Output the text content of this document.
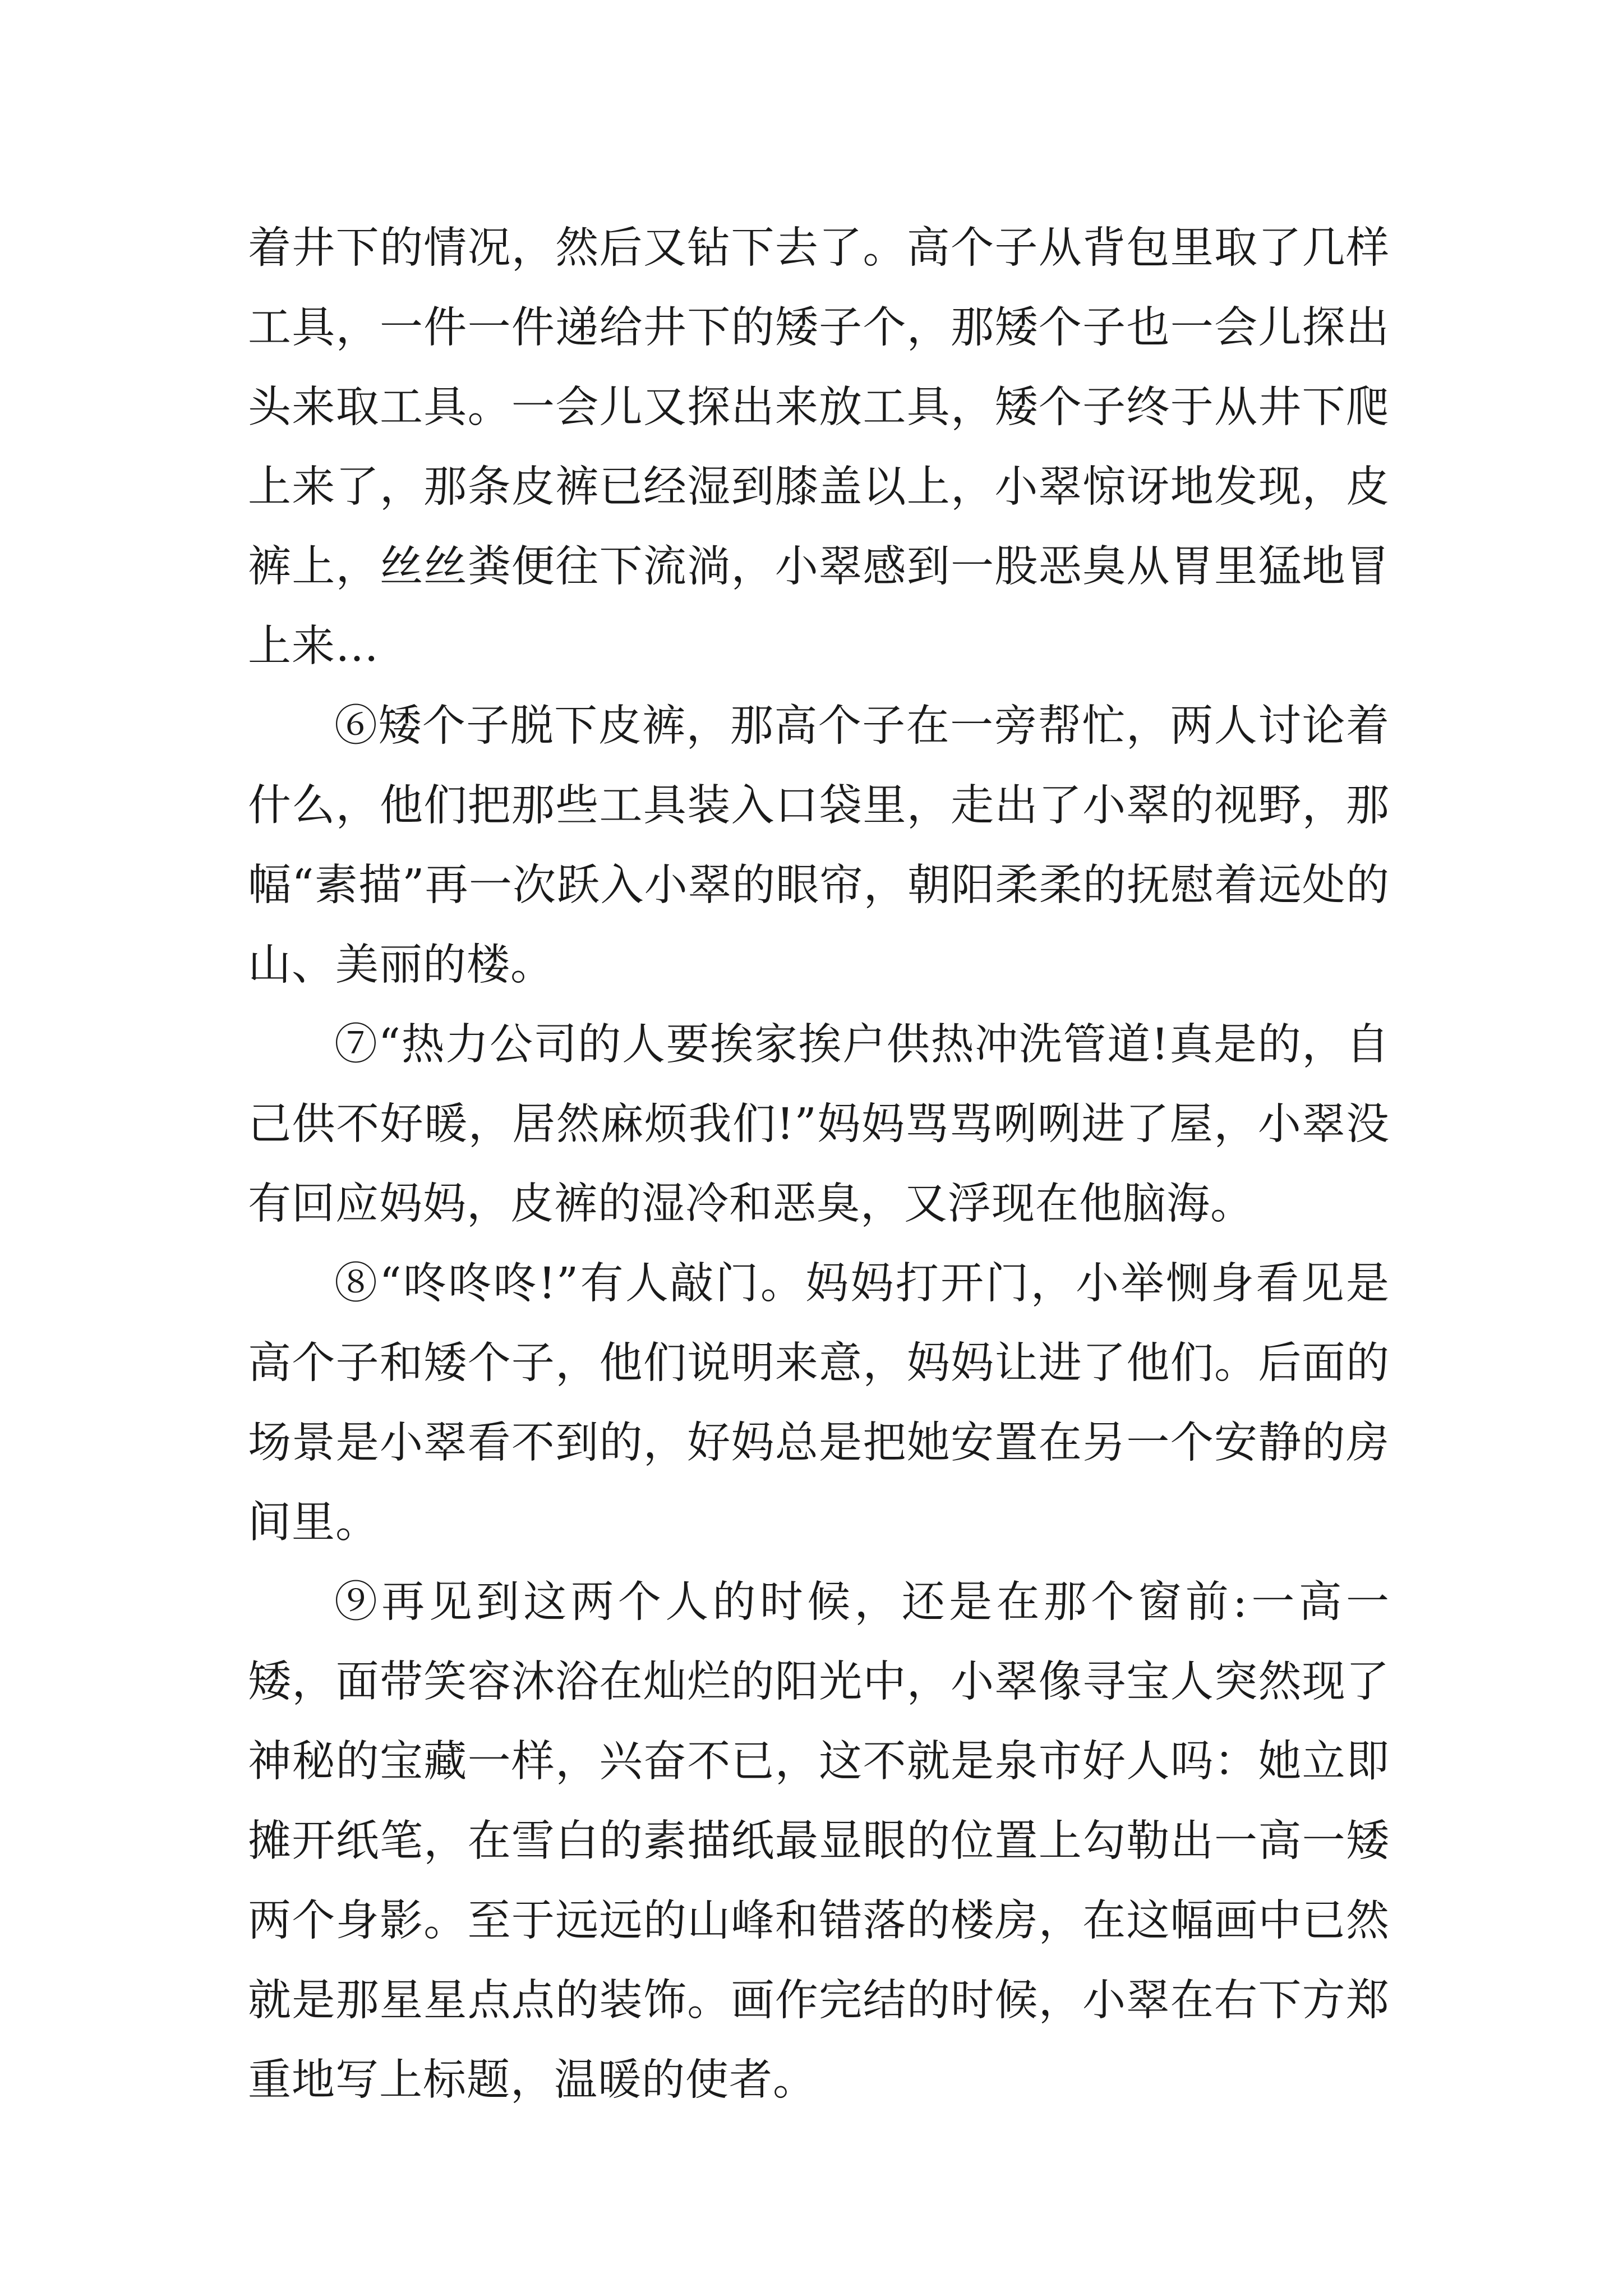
着井下的情况，然后又钻下去了。高个子从背包里取了几样工具，一件一件递给井下的矮子个，那矮个子也一会儿探出头来取工具。一会儿又探出来放工具，矮个子终于从井下爬上来了，那条皮裤已经湿到膝盖以上，小翠惊讶地发现，皮裤上，丝丝粪便往下流淌，小翠感到一股恶臭从胃里猛地冒上来…

⑥矮个子脱下皮裤，那高个子在一旁帮忙，两人讨论着什么，他们把那些工具装入口袋里，走出了小翠的视野，那幅“素描”再一次跃入小翠的眼帘，朝阳柔柔的抚慰着远处的山、美丽的楼。

⑦“热力公司的人要挨家挨户供热冲洗管道!真是的，自己供不好暖，居然麻烦我们!”妈妈骂骂咧咧进了屋，小翠没有回应妈妈，皮裤的湿冷和恶臭，又浮现在他脑海。

⑧“咚咚咚!”有人敲门。妈妈打开门，小举恻身看见是高个子和矮个子，他们说明来意，妈妈让进了他们。后面的场景是小翠看不到的，好妈总是把她安置在另一个安静的房间里。

⑨再见到这两个人的时候，还是在那个窗前:一高一矮，面带笑容沐浴在灿烂的阳光中，小翠像寻宝人突然现了神秘的宝藏一样，兴奋不已，这不就是泉市好人吗：她立即摊开纸笔，在雪白的素描纸最显眼的位置上勾勒出一高一矮两个身影。至于远远的山峰和错落的楼房，在这幅画中已然就是那星星点点的装饰。画作完结的时候，小翠在右下方郑重地写上标题，温暖的使者。
